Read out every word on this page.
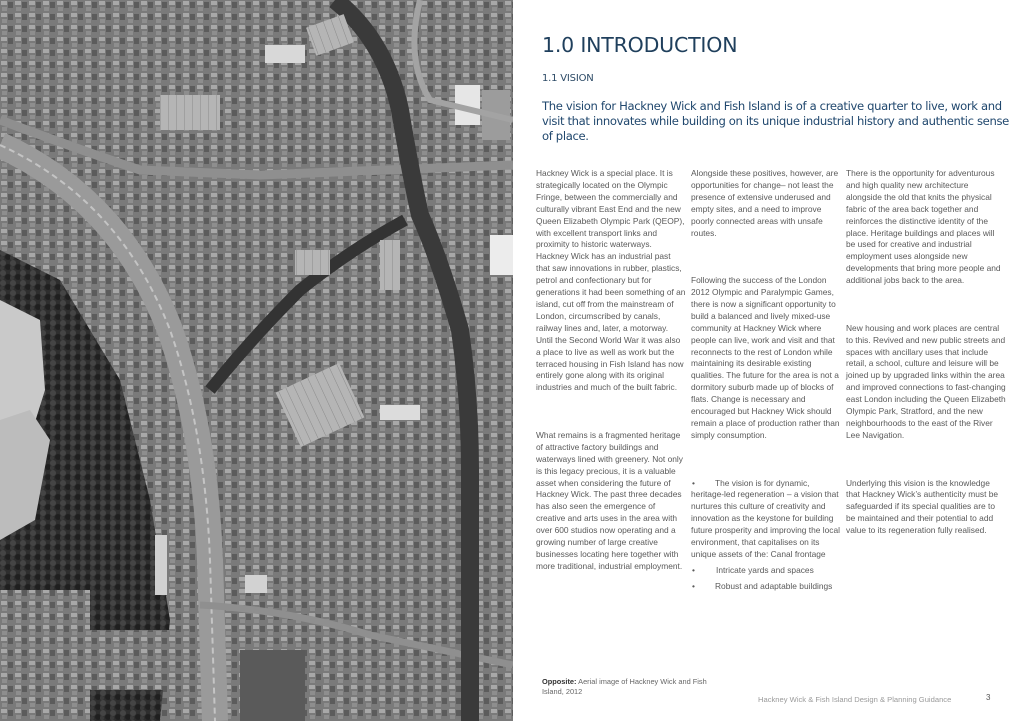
1.0 INTRODUCTION
1.1 VISION
The vision for Hackney Wick and Fish Island is of a creative quarter to live, work and visit that innovates while building on its unique industrial history and authentic sense of place.

Hackney Wick is a special place. It is strategically located on the Olympic Fringe, between the commercially and culturally vibrant East End and the new Queen Elizabeth Olympic Park (QEOP), with excellent transport links and proximity to historic waterways. Hackney Wick has an industrial past that saw innovations in rubber, plastics, petrol and confectionary but for generations it had been something of an island, cut off from the mainstream of London, circumscribed by canals, railway lines and, later, a motorway. Until the Second World War it was also a place to live as well as work but the terraced housing in Fish Island has now entirely gone along with its original industries and much of the built fabric.

What remains is a fragmented heritage of attractive factory buildings and waterways lined with greenery. Not only is this legacy precious, it is a valuable asset when considering the future of Hackney Wick. The past three decades has also seen the emergence of creative and arts uses in the area with over 600 studios now operating and a growing number of large creative businesses locating here together with more traditional, industrial employment.

Alongside these positives, however, are opportunities for change– not least the presence of extensive underused and empty sites, and a need to improve poorly connected areas with unsafe routes.

Following the success of the London 2012 Olympic and Paralympic Games, there is now a significant opportunity to build a balanced and lively mixed-use community at Hackney Wick where people can live, work and visit and that reconnects to the rest of London while maintaining its desirable existing qualities. The future for the area is not a dormitory suburb made up of blocks of flats. Change is necessary and encouraged but Hackney Wick should remain a place of production rather than simply consumption.

• The vision is for dynamic, heritage-led regeneration – a vision that nurtures this culture of creativity and innovation as the keystone for building future prosperity and improving the local environment, that capitalises on its unique assets of the: Canal frontage

•	Intricate yards and spaces

• Robust and adaptable buildings

There is the opportunity for adventurous and high quality new architecture alongside the old that knits the physical fabric of the area back together and reinforces the distinctive identity of the place. Heritage buildings and places will be used for creative and industrial employment uses alongside new developments that bring more people and additional jobs back to the area.

New housing and work places are central to this. Revived and new public streets and spaces with ancillary uses that include retail, a school, culture and leisure will be joined up by upgraded links within the area and improved connections to fast-changing east London including the Queen Elizabeth Olympic Park, Stratford, and the new neighbourhoods to the east of the River Lee Navigation.

Underlying this vision is the knowledge that Hackney Wick’s authenticity must be safeguarded if its special qualities are to be maintained and their potential to add value to its regeneration fully realised.

Opposite: Aerial image of Hackney Wick and Fish Island, 2012
Hackney Wick & Fish Island Design & Planning Guidance	3
